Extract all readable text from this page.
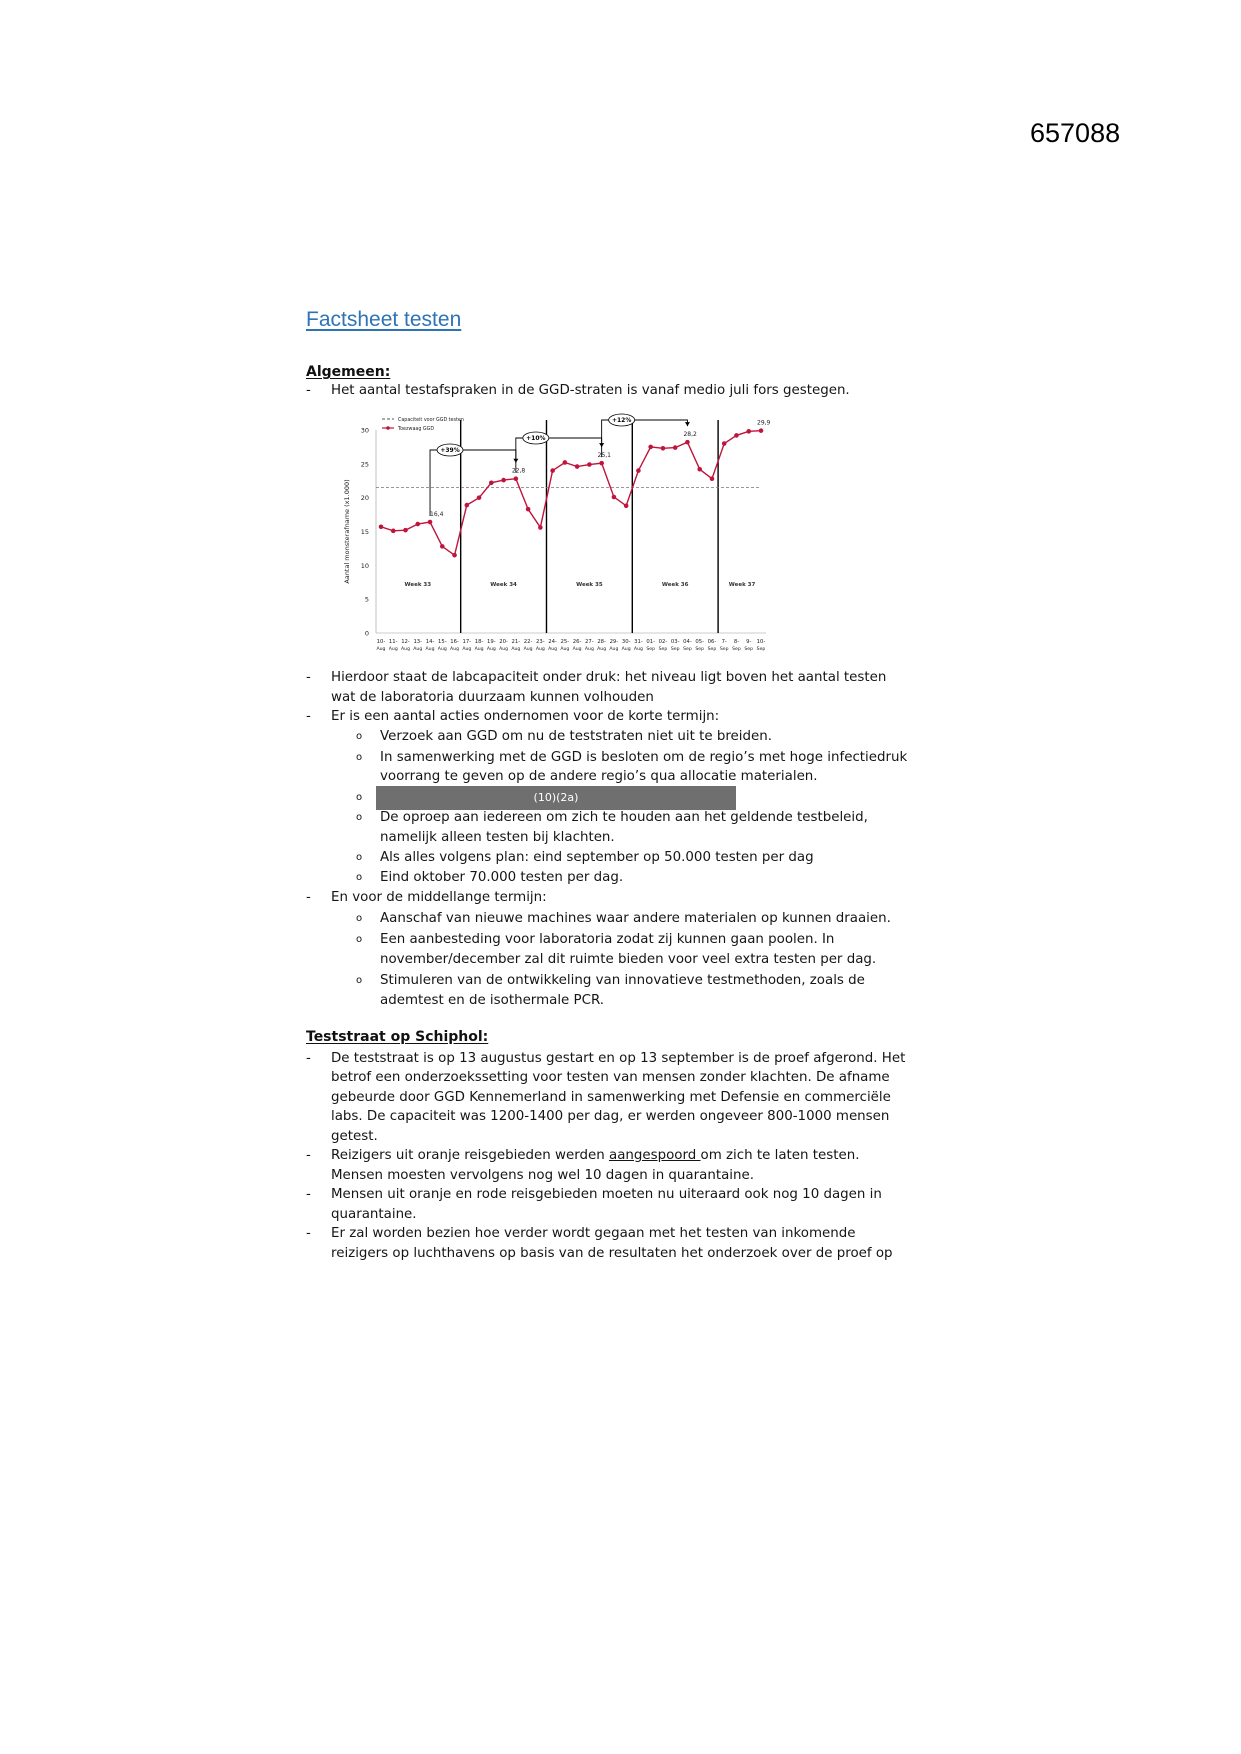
657088
Factsheet testen
Algemeen:
- Het aantal testafspraken in de GGD-straten is vanaf medio juli fors gestegen.
0
5
10
15
20
25
30
Aantal monsterafname (x1.000)
Week 33	Week 34	Week 35	Week 36	Week 37
16,4
22,8
25,1
28,2
29,9
+39%
+10%
+12%
10-
Aug
11-
Aug
12-
Aug
13-
Aug
14-
Aug
15-
Aug
16-
Aug
17-
Aug
18-
Aug
19-
Aug
20-
Aug
21-
Aug
22-
Aug
23-
Aug
24-
Aug
25-
Aug
26-
Aug
27-
Aug
28-
Aug
29-
Aug
30-
Aug
31-
Aug
01-
Sep
02-
Sep
03-
Sep
04-
Sep
05-
Sep
06-
Sep
7-
Sep
8-
Sep
9-
Sep
10-
Sep
Capaciteit voor GGD testen
Toezwaag GGD
- Hierdoor staat de labcapaciteit onder druk: het niveau ligt boven het aantal testen
wat de laboratoria duurzaam kunnen volhouden
- Er is een aantal acties ondernomen voor de korte termijn:
o Verzoek aan GGD om nu de teststraten niet uit te breiden.
o In samenwerking met de GGD is besloten om de regio’s met hoge infectiedruk
voorrang te geven op de andere regio’s qua allocatie materialen.
o	(10)(2a)
o De oproep aan iedereen om zich te houden aan het geldende testbeleid,
namelijk alleen testen bij klachten.
o Als alles volgens plan: eind september op 50.000 testen per dag
o Eind oktober 70.000 testen per dag.
- En voor de middellange termijn:
o Aanschaf van nieuwe machines waar andere materialen op kunnen draaien.
o Een aanbesteding voor laboratoria zodat zij kunnen gaan poolen. In
november/december zal dit ruimte bieden voor veel extra testen per dag.
o Stimuleren van de ontwikkeling van innovatieve testmethoden, zoals de
ademtest en de isothermale PCR.
Teststraat op Schiphol:
- De teststraat is op 13 augustus gestart en op 13 september is de proef afgerond. Het
betrof een onderzoekssetting voor testen van mensen zonder klachten. De afname
gebeurde door GGD Kennemerland in samenwerking met Defensie en commerciële
labs. De capaciteit was 1200-1400 per dag, er werden ongeveer 800-1000 mensen
getest.
- Reizigers uit oranje reisgebieden werden aangespoord om zich te laten testen.
Mensen moesten vervolgens nog wel 10 dagen in quarantaine.
- Mensen uit oranje en rode reisgebieden moeten nu uiteraard ook nog 10 dagen in
quarantaine.
- Er zal worden bezien hoe verder wordt gegaan met het testen van inkomende
reizigers op luchthavens op basis van de resultaten het onderzoek over de proef op
